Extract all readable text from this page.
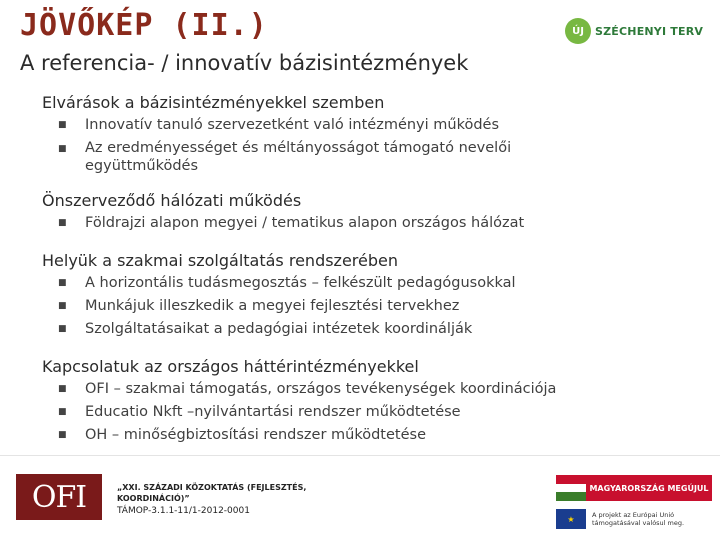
JÖVŐKÉP (II.)
A referencia- / innovatív bázisintézmények
ÚJ	SZÉCHENYI TERV
Elvárások a bázisintézményekkel szemben
■ Innovatív tanuló szervezetként való intézményi működés
■ Az eredményességet és méltányosságot támogató nevelői
együttműködés
Önszerveződő hálózati működés
■ Földrajzi alapon megyei / tematikus alapon országos hálózat
Helyük a szakmai szolgáltatás rendszerében
■ A horizontális tudásmegosztás – felkészült pedagógusokkal
■ Munkájuk illeszkedik a megyei fejlesztési tervekhez
■ Szolgáltatásaikat a pedagógiai intézetek koordinálják
Kapcsolatuk az országos háttérintézményekkel
■ OFI – szakmai támogatás, országos tevékenységek koordinációja
■ Educatio Nkft –nyilvántartási rendszer működtetése
■ OH – minőségbiztosítási rendszer működtetése
OFI	„XXI. SZÁZADI KÖZOKTATÁS (FEJLESZTÉS,
KOORDINÁCIÓ)”
TÁMOP-3.1.1-11/1-2012-0001
MAGYARORSZÁG MEGÚJUL
★	A projekt az Európai Unió
támogatásával valósul meg.
